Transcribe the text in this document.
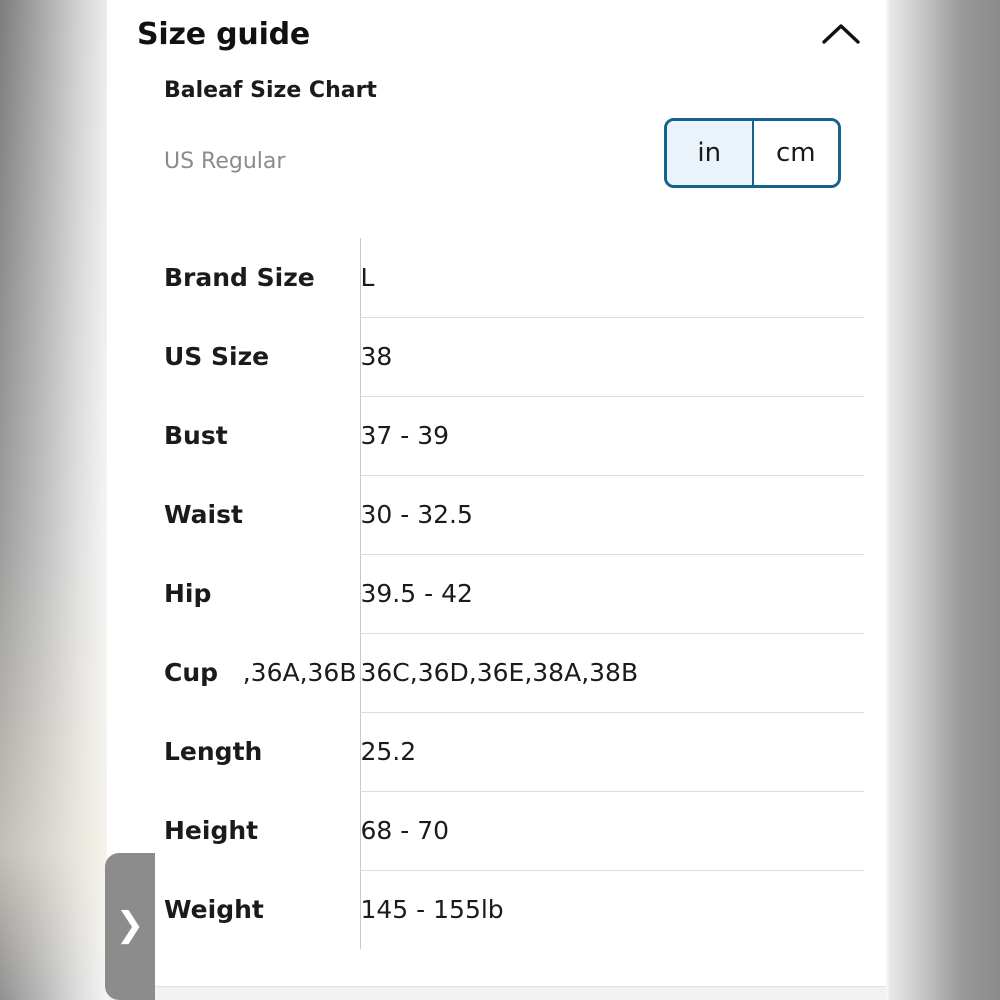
Size guide
Baleaf Size Chart
US Regular	in	cm
Brand Size	L
US Size	38
Bust	37 - 39
Waist	30 - 32.5
Hip	39.5 - 42
Cup	,36A,36B 36C,36D,36E,38A,38B
Length	25.2
Height	68 - 70
Weight	145 - 155lb
❯
